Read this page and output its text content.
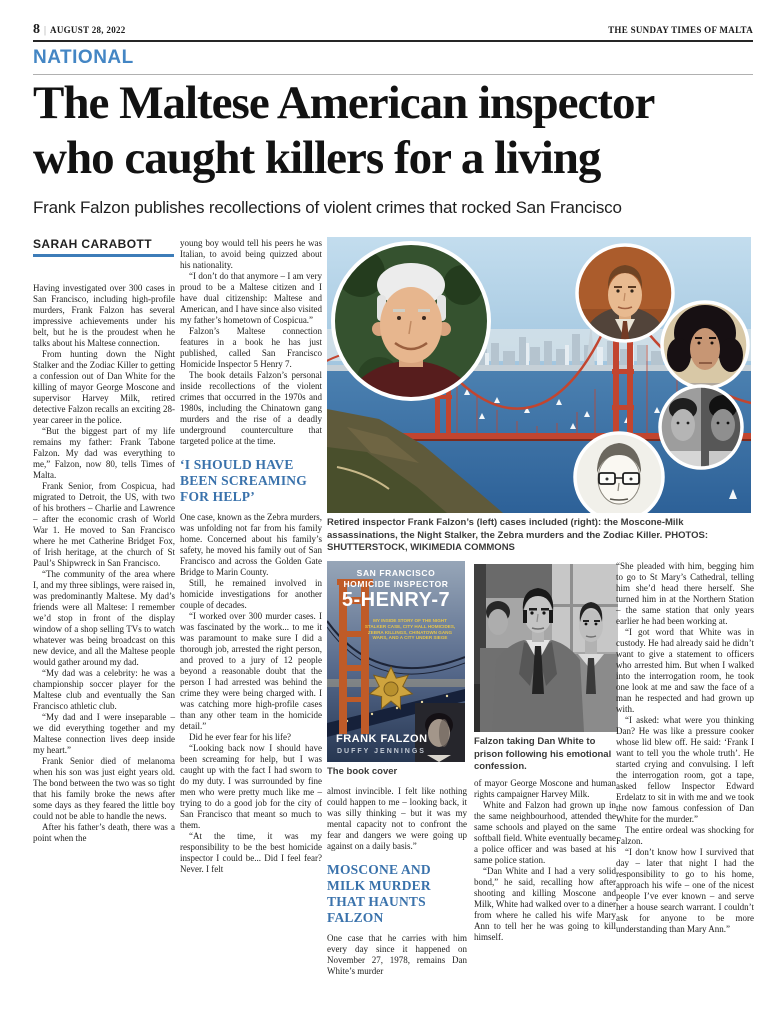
8 | AUGUST 28, 2022	THE SUNDAY TIMES OF MALTA
NATIONAL
The Maltese American inspector
who caught killers for a living
Frank Falzon publishes recollections of violent crimes that rocked San Francisco
SARAH CARABOTT
Retired inspector Frank Falzon’s (left) cases included (right): the Moscone-Milk assassinations, the Night Stalker, the Zebra murders and the Zodiac Killer. PHOTOS: SHUTTERSTOCK, WIKIMEDIA COMMONS
SAN FRANCISCO
HOMICIDE INSPECTOR
5-HENRY-7
MY INSIDE STORY OF THE NIGHT STALKER CASE, CITY HALL HOMICIDES, ZEBRA KILLINGS, CHINATOWN GANG WARS, AND A CITY UNDER SIEGE
FRANK FALZON
DUFFY JENNINGS
The book cover
Falzon taking Dan White to prison following his emotional confession.

Having investigated over 300 cases in San Francisco, including high-profile murders, Frank Falzon has several impressive achievements under his belt, but he is the proudest when he talks about his Maltese connection.

From hunting down the Night Stalker and the Zodiac Killer to getting a confession out of Dan White for the killing of mayor George Moscone and supervisor Harvey Milk, retired detective Falzon recalls an exciting 28-year career in the police.

“But the biggest part of my life remains my father: Frank Tabone Falzon. My dad was everything to me,” Falzon, now 80, tells Times of Malta.

Frank Senior, from Cospicua, had migrated to Detroit, the US, with two of his brothers – Charlie and Lawrence – after the economic crash of World War 1. He moved to San Francisco where he met Catherine Bridget Fox, of Irish heritage, at the church of St Paul’s Shipwreck in San Francisco.

“The community of the area where I, and my three siblings, were raised in, was predominantly Maltese. My dad’s friends were all Maltese: I remember we’d stop in front of the display window of a shop selling TVs to watch whatever was being broadcast on this new device, and all the Maltese people would gather around my dad.

“My dad was a celebrity: he was a championship soccer player for the Maltese club and eventually the San Francisco athletic club.

“My dad and I were inseparable – we did everything together and my Maltese connection lives deep inside my heart.”

Frank Senior died of melanoma when his son was just eight years old. The bond between the two was so tight that his family broke the news after some days as they feared the little boy could not be able to handle the news.

After his father’s death, there was a point when the

young boy would tell his peers he was Italian, to avoid being quizzed about his nationality.

“I don’t do that anymore – I am very proud to be a Maltese citizen and I have dual citizenship: Maltese and American, and I have since also visited my father’s hometown of Cospicua.”

Falzon’s Maltese connection features in a book he has just published, called San Francisco Homicide Inspector 5 Henry 7.

The book details Falzon’s personal inside recollections of the violent crimes that occurred in the 1970s and 1980s, including the Chinatown gang murders and the rise of a deadly underground counterculture that targeted police at the time.

‘I SHOULD HAVE BEEN SCREAMING FOR HELP’

One case, known as the Zebra murders, was unfolding not far from his family home. Concerned about his family’s safety, he moved his family out of San Francisco and across the Golden Gate Bridge to Marin County.

Still, he remained involved in homicide investigations for another couple of decades.

“I worked over 300 murder cases. I was fascinated by the work... to me it was paramount to make sure I did a thorough job, arrested the right person, and proved to a jury of 12 people beyond a reasonable doubt that the person I had arrested was behind the crime they were being charged with. I was catching more high-profile cases than any other team in the homicide detail.”

Did he ever fear for his life?

“Looking back now I should have been screaming for help, but I was caught up with the fact I had sworn to do my duty. I was surrounded by fine men who were pretty much like me – trying to do a good job for the city of San Francisco that meant so much to them.

“At the time, it was my responsibility to be the best homicide inspector I could be... Did I feel fear? Never. I felt

almost invincible. I felt like nothing could happen to me – looking back, it was silly thinking – but it was my mental capacity not to confront the fear and dangers we were going up against on a daily basis.”

MOSCONE AND MILK MURDER THAT HAUNTS FALZON

One case that he carries with him every day since it happened on November 27, 1978, remains Dan White’s murder

of mayor George Moscone and human rights campaigner Harvey Milk.

White and Falzon had grown up in the same neighbourhood, attended the same schools and played on the same softball field. White eventually became a police officer and was based at his same police station.

“Dan White and I had a very solid bond,” he said, recalling how after shooting and killing Moscone and Milk, White had walked over to a diner from where he called his wife Mary Ann to tell her he was going to kill himself.

“She pleaded with him, begging him to go to St Mary’s Cathedral, telling him she’d head there herself. She turned him in at the Northern Station – the same station that only years earlier he had been working at.

“I got word that White was in custody. He had already said he didn’t want to give a statement to officers who arrested him. But when I walked into the interrogation room, he took one look at me and saw the face of a man he respected and had grown up with.

“I asked: what were you thinking Dan? He was like a pressure cooker whose lid blew off. He said: ‘Frank I want to tell you the whole truth’. He started crying and convulsing. I left the interrogation room, got a tape, asked fellow Inspector Edward Erdelatz to sit in with me and we took the now famous confession of Dan White for the murder.”

The entire ordeal was shocking for Falzon.

“I don’t know how I survived that day – later that night I had the responsibility to go to his home, approach his wife – one of the nicest people I’ve ever known – and serve her a house search warrant. I couldn’t ask for anyone to be more understanding than Mary Ann.”
